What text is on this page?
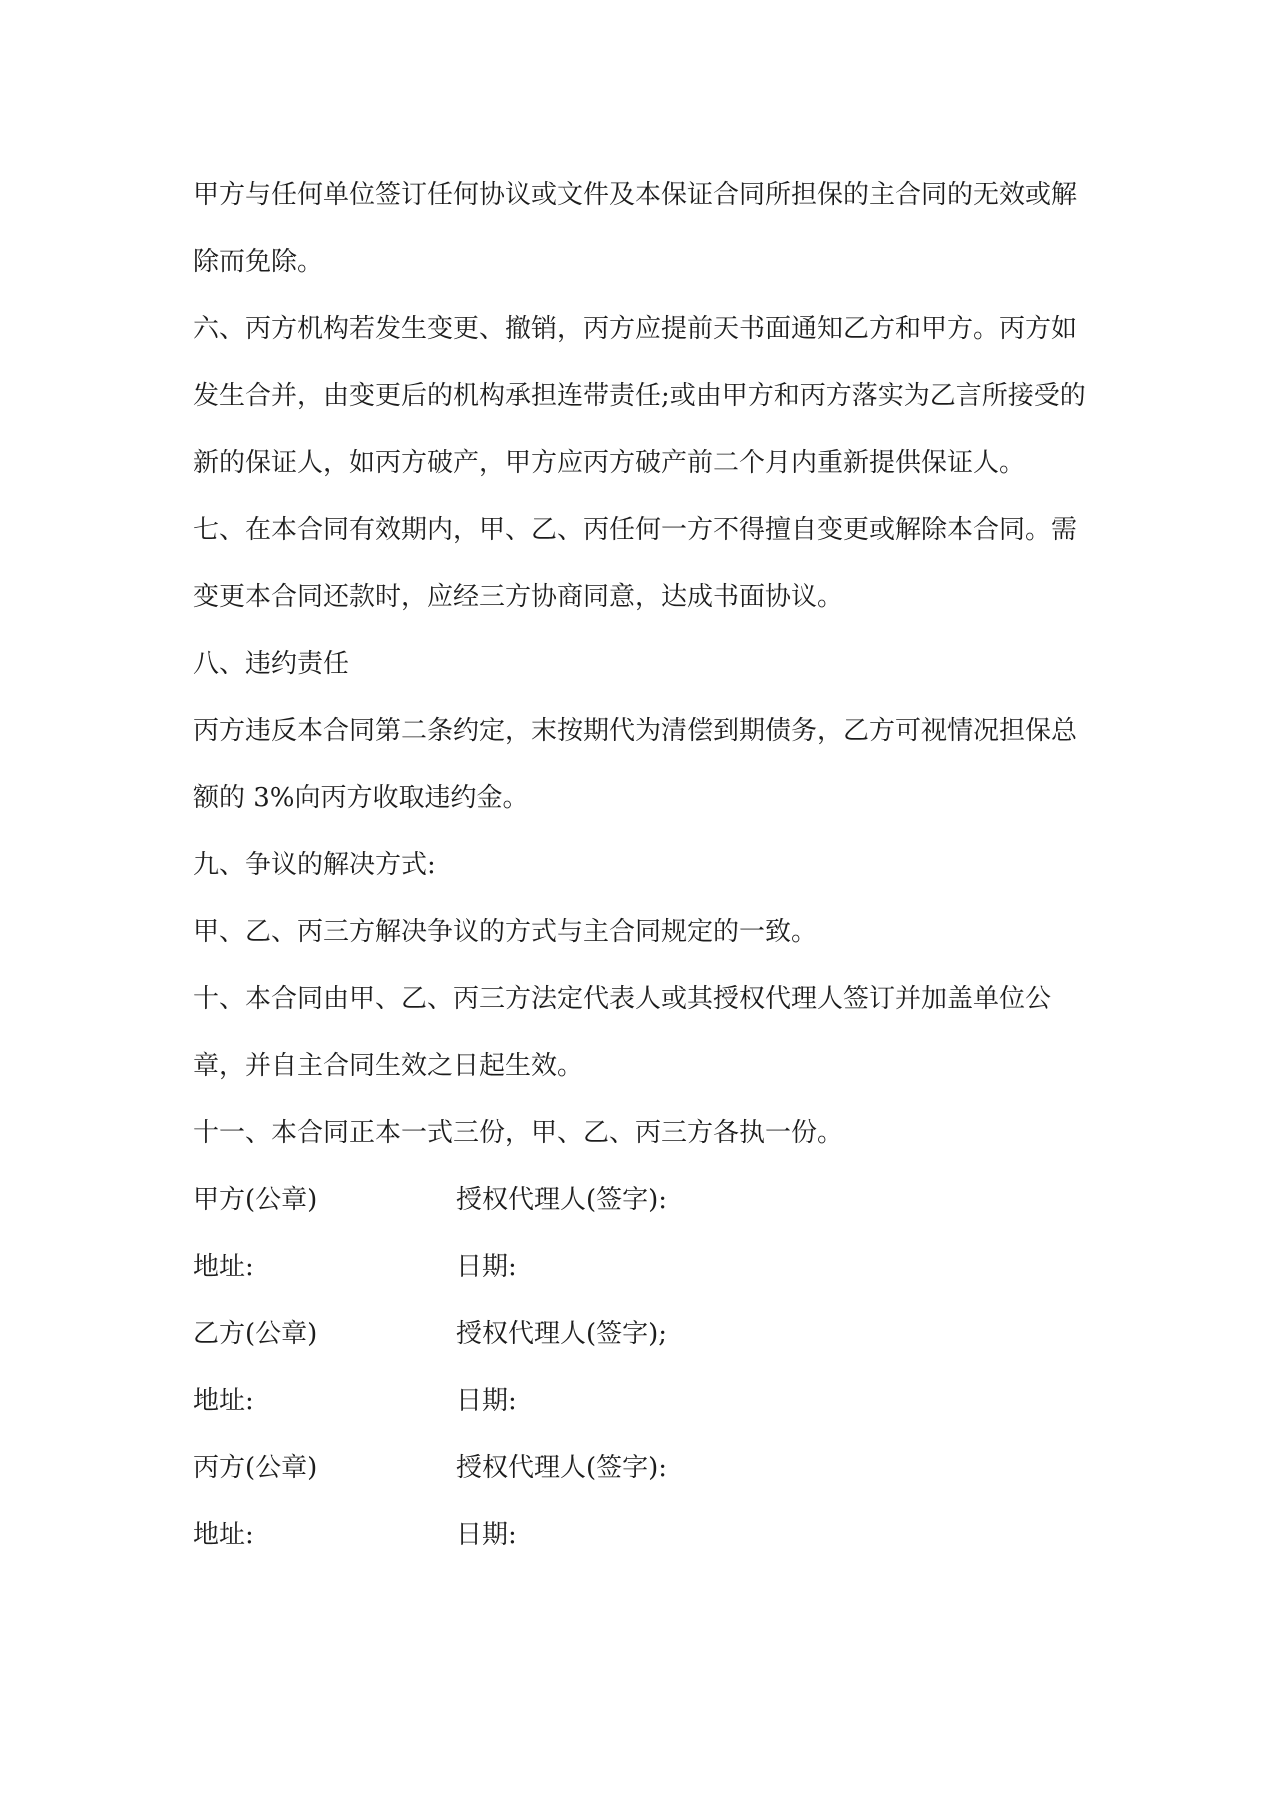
甲方与任何单位签订任何协议或文件及本保证合同所担保的主合同的无效或解除而免除。

六、丙方机构若发生变更、撤销，丙方应提前天书面通知乙方和甲方。丙方如发生合并，由变更后的机构承担连带责任;或由甲方和丙方落实为乙言所接受的新的保证人，如丙方破产，甲方应丙方破产前二个月内重新提供保证人。

七、在本合同有效期内，甲、乙、丙任何一方不得擅自变更或解除本合同。需变更本合同还款时，应经三方协商同意，达成书面协议。

八、违约责任

丙方违反本合同第二条约定，末按期代为清偿到期债务，乙方可视情况担保总额的 3%向丙方收取违约金。

九、争议的解决方式:

甲、乙、丙三方解决争议的方式与主合同规定的一致。

十、本合同由甲、乙、丙三方法定代表人或其授权代理人签订并加盖单位公章，并自主合同生效之日起生效。

十一、本合同正本一式三份，甲、乙、丙三方各执一份。

甲方(公章)	授权代理人(签字):
地址:	日期:
乙方(公章)	授权代理人(签字);
地址:	日期:
丙方(公章)	授权代理人(签字):
地址:	日期:
